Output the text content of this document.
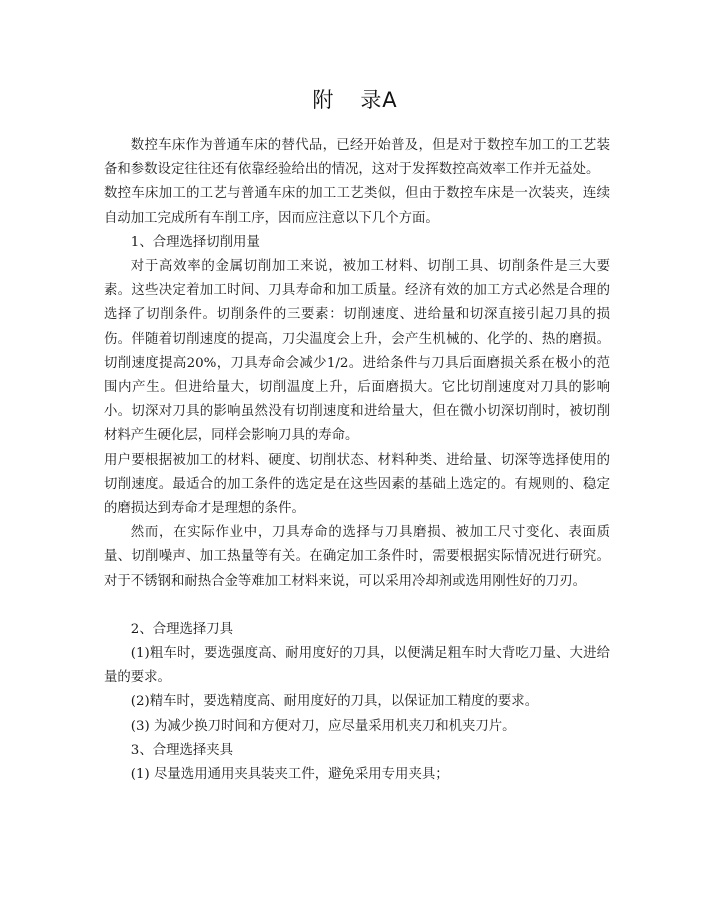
附 录A

数控车床作为普通车床的替代品，已经开始普及，但是对于数控车加工的工艺装备和参数设定往往还有依靠经验给出的情况，这对于发挥数控高效率工作并无益处。

数控车床加工的工艺与普通车床的加工工艺类似，但由于数控车床是一次装夹，连续自动加工完成所有车削工序，因而应注意以下几个方面。

1、合理选择切削用量

对于高效率的金属切削加工来说，被加工材料、切削工具、切削条件是三大要素。这些决定着加工时间、刀具寿命和加工质量。经济有效的加工方式必然是合理的选择了切削条件。切削条件的三要素：切削速度、进给量和切深直接引起刀具的损伤。伴随着切削速度的提高，刀尖温度会上升，会产生机械的、化学的、热的磨损。切削速度提高20%，刀具寿命会减少1/2。进给条件与刀具后面磨损关系在极小的范围内产生。但进给量大，切削温度上升，后面磨损大。它比切削速度对刀具的影响小。切深对刀具的影响虽然没有切削速度和进给量大，但在微小切深切削时，被切削材料产生硬化层，同样会影响刀具的寿命。

用户要根据被加工的材料、硬度、切削状态、材料种类、进给量、切深等选择使用的切削速度。最适合的加工条件的选定是在这些因素的基础上选定的。有规则的、稳定的磨损达到寿命才是理想的条件。

然而，在实际作业中，刀具寿命的选择与刀具磨损、被加工尺寸变化、表面质量、切削噪声、加工热量等有关。在确定加工条件时，需要根据实际情况进行研究。对于不锈钢和耐热合金等难加工材料来说，可以采用冷却剂或选用刚性好的刀刃。

2、合理选择刀具

(1)粗车时，要选强度高、耐用度好的刀具，以便满足粗车时大背吃刀量、大进给量的要求。

(2)精车时，要选精度高、耐用度好的刀具，以保证加工精度的要求。

(3) 为减少换刀时间和方便对刀，应尽量采用机夹刀和机夹刀片。

3、合理选择夹具

(1) 尽量选用通用夹具装夹工件，避免采用专用夹具；
